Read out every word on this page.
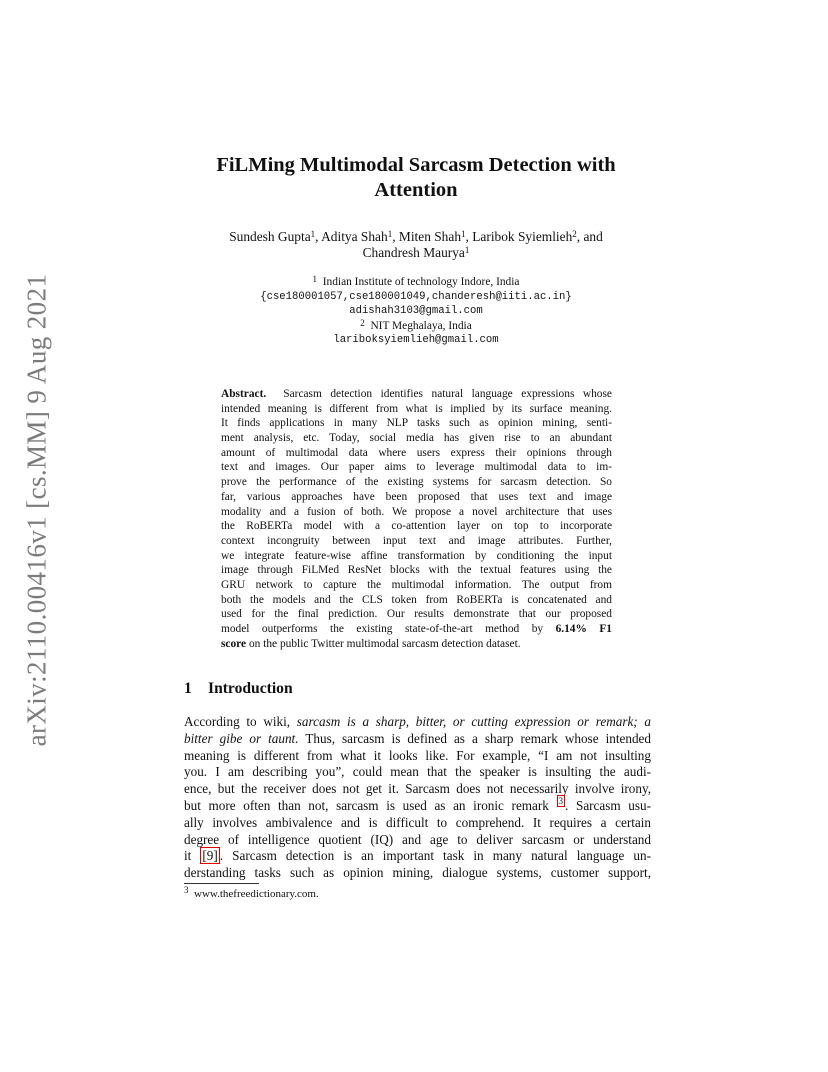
arXiv:2110.00416v1 [cs.MM] 9 Aug 2021
FiLMing Multimodal Sarcasm Detection with
Attention
Sundesh Gupta$^1$, Aditya Shah$^1$, Miten Shah$^1$, Laribok Syiemlieh$^2$, and
Chandresh Maurya$^1$
$^1$ Indian Institute of technology Indore, India
{cse180001057,cse180001049,chanderesh@iiti.ac.in}
adishah3103@gmail.com
$^2$ NIT Meghalaya, India
lariboksyiemlieh@gmail.com
Abstract. Sarcasm detection identifies natural language expressions whose
intended meaning is different from what is implied by its surface meaning.
It finds applications in many NLP tasks such as opinion mining, senti-
ment analysis, etc. Today, social media has given rise to an abundant
amount of multimodal data where users express their opinions through
text and images. Our paper aims to leverage multimodal data to im-
prove the performance of the existing systems for sarcasm detection. So
far, various approaches have been proposed that uses text and image
modality and a fusion of both. We propose a novel architecture that uses
the RoBERTa model with a co-attention layer on top to incorporate
context incongruity between input text and image attributes. Further,
we integrate feature-wise affine transformation by conditioning the input
image through FiLMed ResNet blocks with the textual features using the
GRU network to capture the multimodal information. The output from
both the models and the CLS token from RoBERTa is concatenated and
used for the final prediction. Our results demonstrate that our proposed
model outperforms the existing state-of-the-art method by 6.14% F1
score on the public Twitter multimodal sarcasm detection dataset.
1 Introduction
According to wiki, sarcasm is a sharp, bitter, or cutting expression or remark; a
bitter gibe or taunt. Thus, sarcasm is defined as a sharp remark whose intended
meaning is different from what it looks like. For example, “I am not insulting
you. I am describing you”, could mean that the speaker is insulting the audi-
ence, but the receiver does not get it. Sarcasm does not necessarily involve irony,
but more often than not, sarcasm is used as an ironic remark $^3$ . Sarcasm usu-
ally involves ambivalence and is difficult to comprehend. It requires a certain
degree of intelligence quotient (IQ) and age to deliver sarcasm or understand
it [9] . Sarcasm detection is an important task in many natural language un-
derstanding tasks such as opinion mining, dialogue systems, customer support,
$^3$ www.thefreedictionary.com.
